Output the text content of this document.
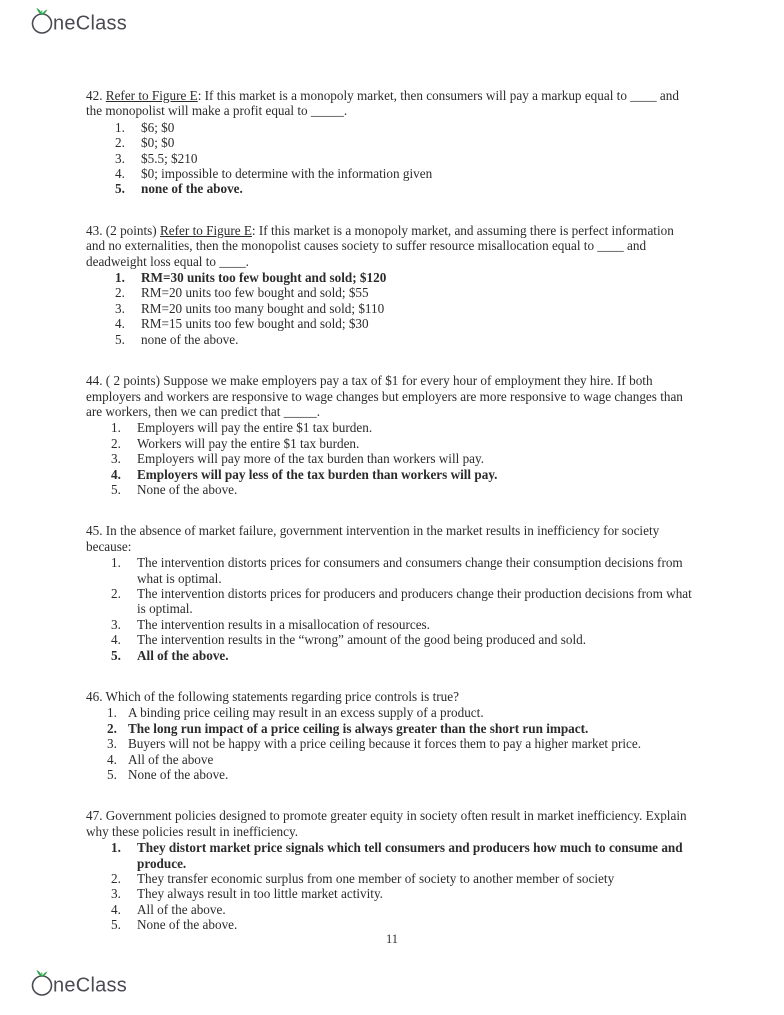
neClass

42. Refer to Figure E: If this market is a monopoly market, then consumers will pay a markup equal to ____ and the monopolist will make a profit equal to _____.

1.	$6; $0
2.	$0; $0
3.	$5.5; $210
4.	$0; impossible to determine with the information given
5.	none of the above.

43. (2 points) Refer to Figure E: If this market is a monopoly market, and assuming there is perfect information and no externalities, then the monopolist causes society to suffer resource misallocation equal to ____ and deadweight loss equal to ____.

1.	RM=30 units too few bought and sold; $120
2.	RM=20 units too few bought and sold; $55
3.	RM=20 units too many bought and sold; $110
4.	RM=15 units too few bought and sold; $30
5.	none of the above.

44. ( 2 points) Suppose we make employers pay a tax of $1 for every hour of employment they hire. If both employers and workers are responsive to wage changes but employers are more responsive to wage changes than are workers, then we can predict that _____.

1.	Employers will pay the entire $1 tax burden.
2.	Workers will pay the entire $1 tax burden.
3.	Employers will pay more of the tax burden than workers will pay.
4.	Employers will pay less of the tax burden than workers will pay.
5.	None of the above.

45. In the absence of market failure, government intervention in the market results in inefficiency for society because:

1.	The intervention distorts prices for consumers and consumers change their consumption decisions from what is optimal.
2.	The intervention distorts prices for producers and producers change their production decisions from what is optimal.
3.	The intervention results in a misallocation of resources.
4.	The intervention results in the “wrong” amount of the good being produced and sold.
5.	All of the above.

46. Which of the following statements regarding price controls is true?

1. A binding price ceiling may result in an excess supply of a product.
2. The long run impact of a price ceiling is always greater than the short run impact.
3. Buyers will not be happy with a price ceiling because it forces them to pay a higher market price.
4. All of the above
5. None of the above.

47. Government policies designed to promote greater equity in society often result in market inefficiency. Explain why these policies result in inefficiency.

1.	They distort market price signals which tell consumers and producers how much to consume and produce.
2.	They transfer economic surplus from one member of society to another member of society
3.	They always result in too little market activity.
4.	All of the above.
5.	None of the above.
11
neClass
